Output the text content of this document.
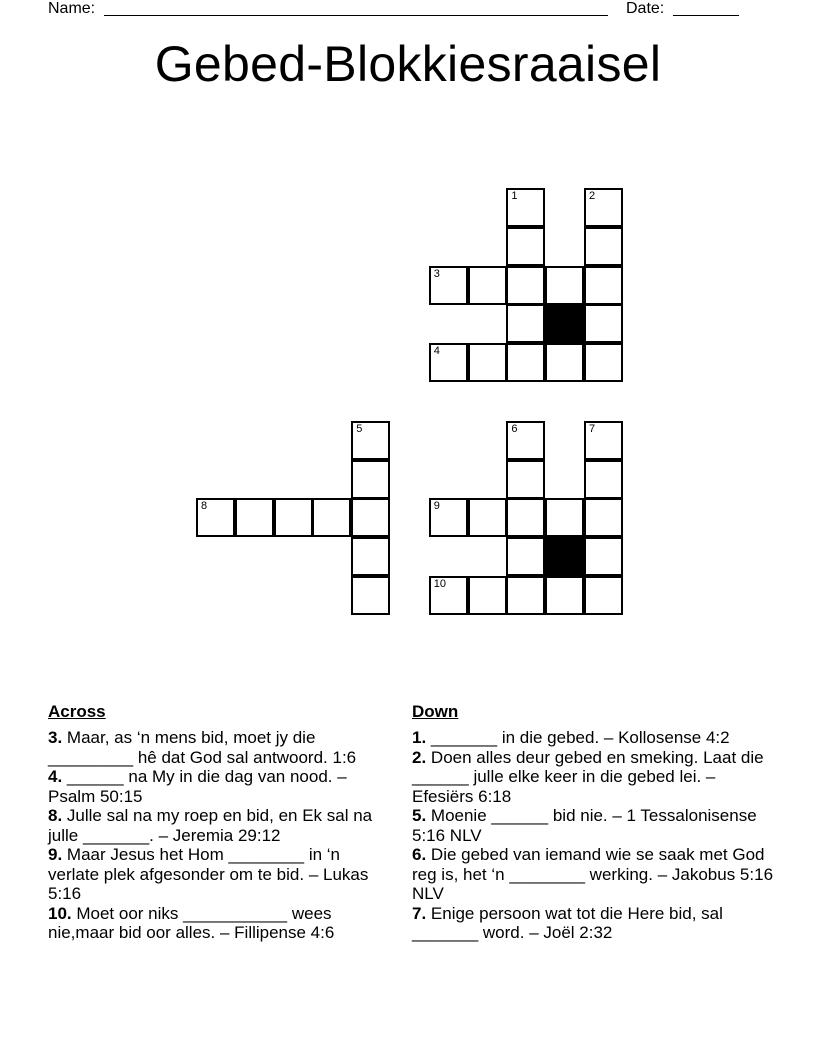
Name:	Date:
Gebed-Blokkiesraaisel
1	2
3
4
5	6	7
8	9
10
Across

3. Maar, as ‘n mens bid, moet jy die _________ hê dat God sal antwoord. 1:6

4. ______ na My in die dag van nood. – Psalm 50:15

8. Julle sal na my roep en bid, en Ek sal na julle _______. – Jeremia 29:12

9. Maar Jesus het Hom ________ in ‘n verlate plek afgesonder om te bid. – Lukas 5:16

10. Moet oor niks ___________ wees nie,maar bid oor alles. – Fillipense 4:6

Down

1. _______ in die gebed. – Kollosense 4:2

2. Doen alles deur gebed en smeking. Laat die ______ julle elke keer in die gebed lei. – Efesiërs 6:18

5. Moenie ______ bid nie. – 1 Tessalonisense 5:16 NLV

6. Die gebed van iemand wie se saak met God reg is, het ‘n ________ werking. – Jakobus 5:16 NLV

7. Enige persoon wat tot die Here bid, sal _______ word. – Joël 2:32
